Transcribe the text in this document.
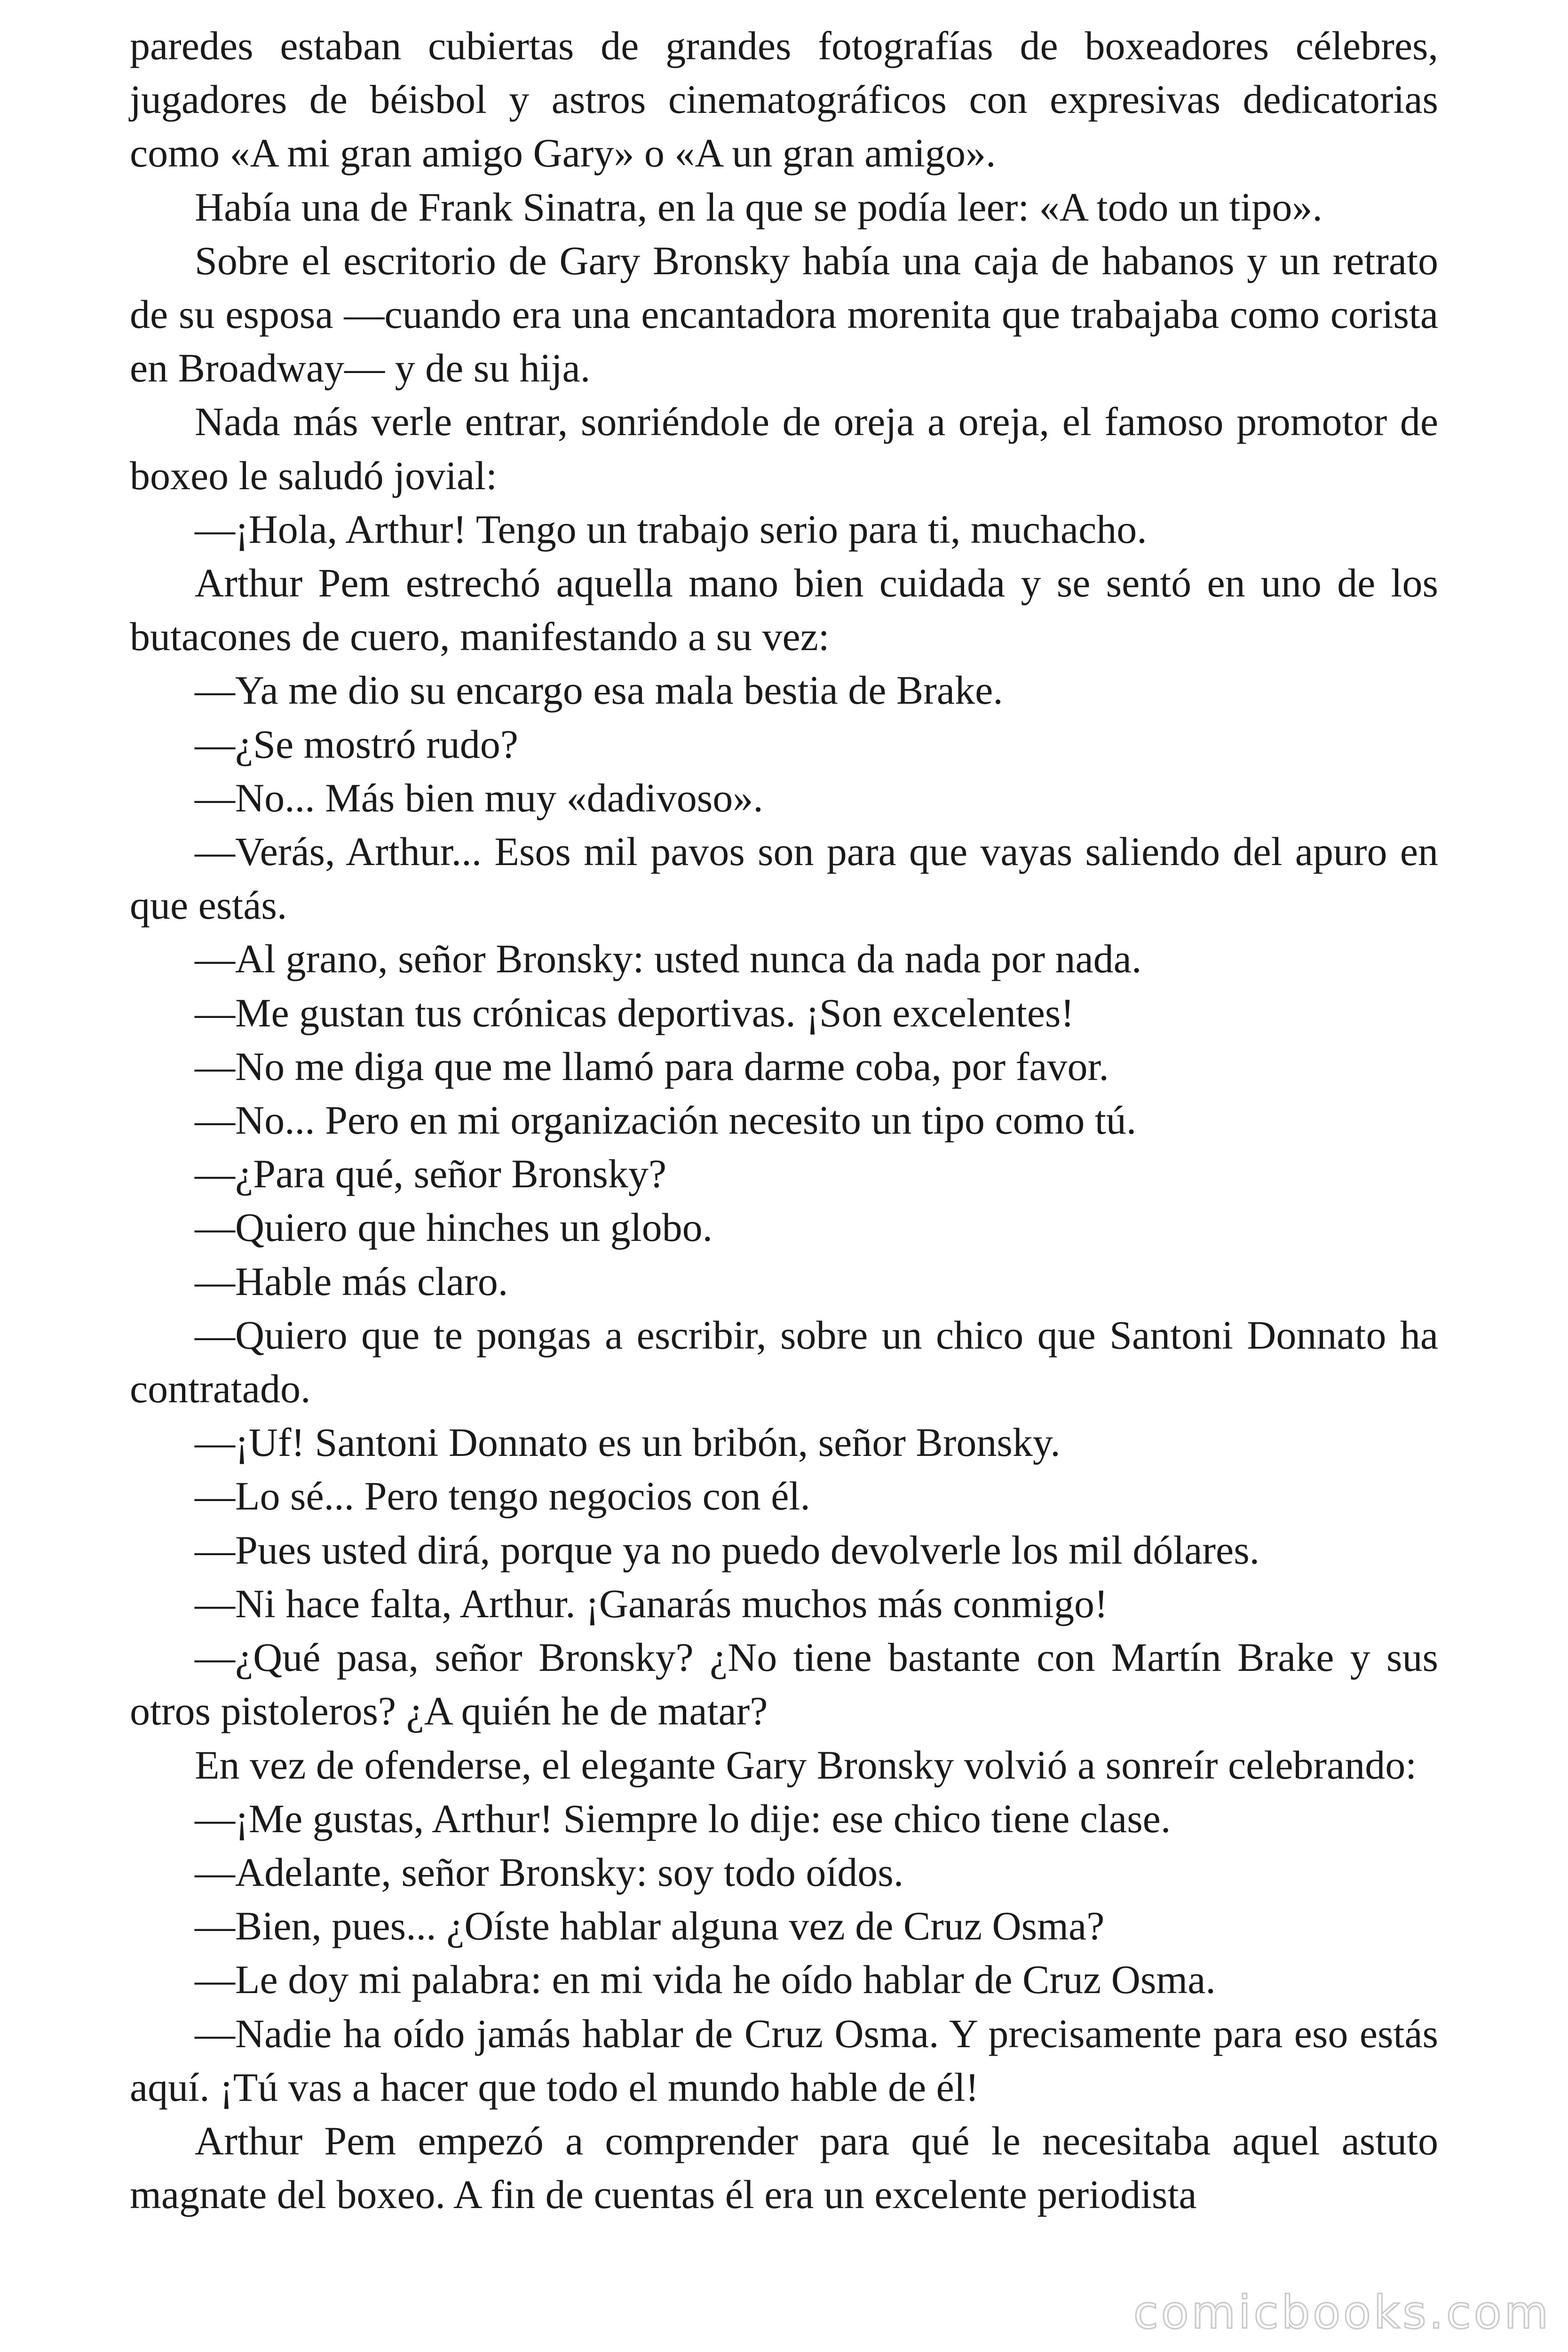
paredes estaban cubiertas de grandes fotografías de boxeadores célebres, jugadores de béisbol y astros cinematográficos con expresivas dedicatorias como «A mi gran amigo Gary» o «A un gran amigo».

Había una de Frank Sinatra, en la que se podía leer: «A todo un tipo».

Sobre el escritorio de Gary Bronsky había una caja de habanos y un retrato de su esposa —cuando era una encantadora morenita que trabajaba como corista en Broadway— y de su hija.

Nada más verle entrar, sonriéndole de oreja a oreja, el famoso promotor de boxeo le saludó jovial:

—¡Hola, Arthur! Tengo un trabajo serio para ti, muchacho.

Arthur Pem estrechó aquella mano bien cuidada y se sentó en uno de los butacones de cuero, manifestando a su vez:

—Ya me dio su encargo esa mala bestia de Brake.

—¿Se mostró rudo?

—No... Más bien muy «dadivoso».

—Verás, Arthur... Esos mil pavos son para que vayas saliendo del apuro en que estás.

—Al grano, señor Bronsky: usted nunca da nada por nada.

—Me gustan tus crónicas deportivas. ¡Son excelentes!

—No me diga que me llamó para darme coba, por favor.

—No... Pero en mi organización necesito un tipo como tú.

—¿Para qué, señor Bronsky?

—Quiero que hinches un globo.

—Hable más claro.

—Quiero que te pongas a escribir, sobre un chico que Santoni Donnato ha contratado.

—¡Uf! Santoni Donnato es un bribón, señor Bronsky.

—Lo sé... Pero tengo negocios con él.

—Pues usted dirá, porque ya no puedo devolverle los mil dólares.

—Ni hace falta, Arthur. ¡Ganarás muchos más conmigo!

—¿Qué pasa, señor Bronsky? ¿No tiene bastante con Martín Brake y sus otros pistoleros? ¿A quién he de matar?

En vez de ofenderse, el elegante Gary Bronsky volvió a sonreír celebrando:

—¡Me gustas, Arthur! Siempre lo dije: ese chico tiene clase.

—Adelante, señor Bronsky: soy todo oídos.

—Bien, pues... ¿Oíste hablar alguna vez de Cruz Osma?

—Le doy mi palabra: en mi vida he oído hablar de Cruz Osma.

—Nadie ha oído jamás hablar de Cruz Osma. Y precisamente para eso estás aquí. ¡Tú vas a hacer que todo el mundo hable de él!

Arthur Pem empezó a comprender para qué le necesitaba aquel astuto magnate del boxeo. A fin de cuentas él era un excelente periodista

comicbooks.com
